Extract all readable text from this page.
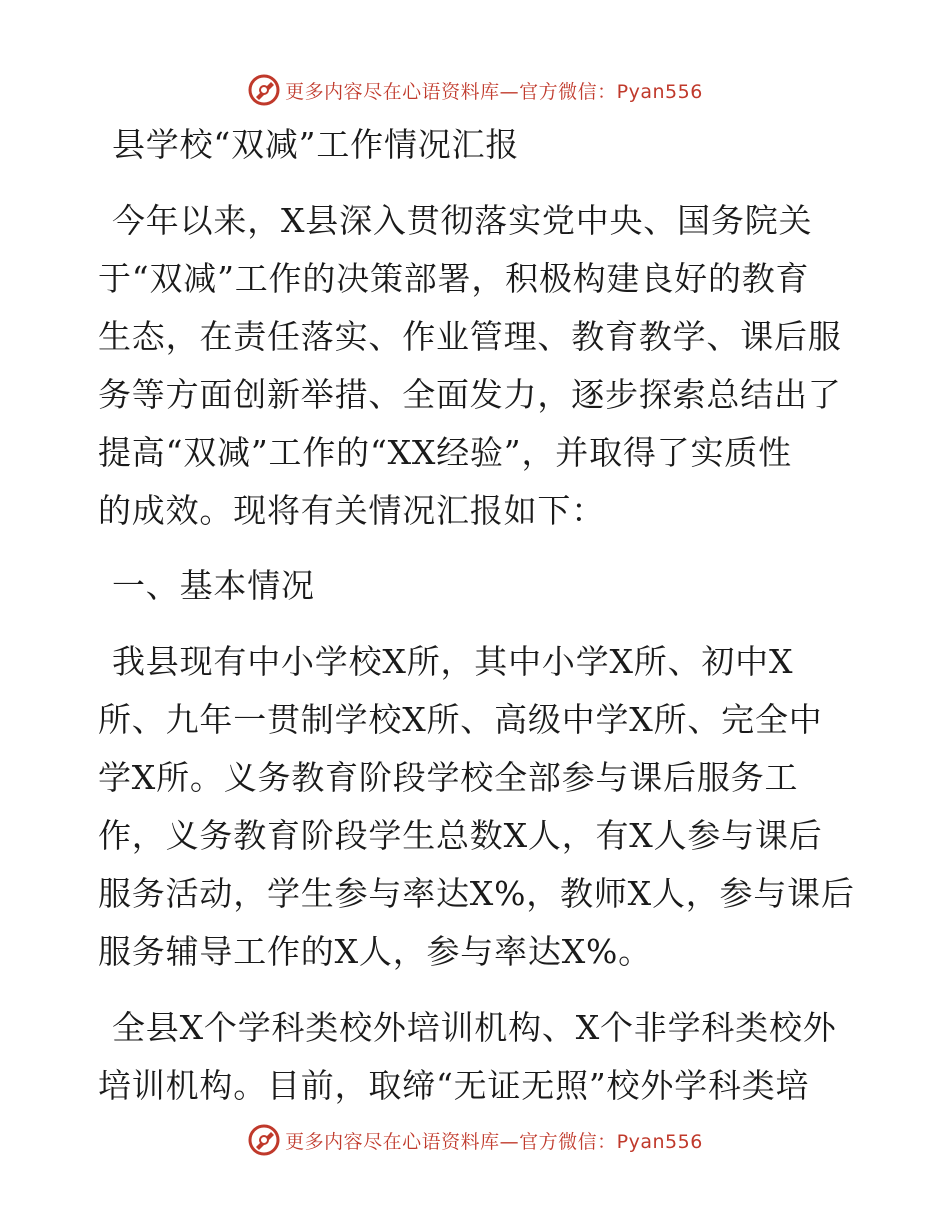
更多内容尽在心语资料库—官方微信：Pyan556
县学校“双减”工作情况汇报
今年以来，X县深入贯彻落实党中央、国务院关
于“双减”工作的决策部署，积极构建良好的教育
生态，在责任落实、作业管理、教育教学、课后服
务等方面创新举措、全面发力，逐步探索总结出了
提高“双减”工作的“XX经验”，并取得了实质性
的成效。现将有关情况汇报如下：
一、基本情况
我县现有中小学校X所，其中小学X所、初中X
所、九年一贯制学校X所、高级中学X所、完全中
学X所。义务教育阶段学校全部参与课后服务工
作，义务教育阶段学生总数X人，有X人参与课后
服务活动，学生参与率达X%，教师X人，参与课后
服务辅导工作的X人，参与率达X%。
全县X个学科类校外培训机构、X个非学科类校外
培训机构。目前，取缔“无证无照”校外学科类培
更多内容尽在心语资料库—官方微信：Pyan556
